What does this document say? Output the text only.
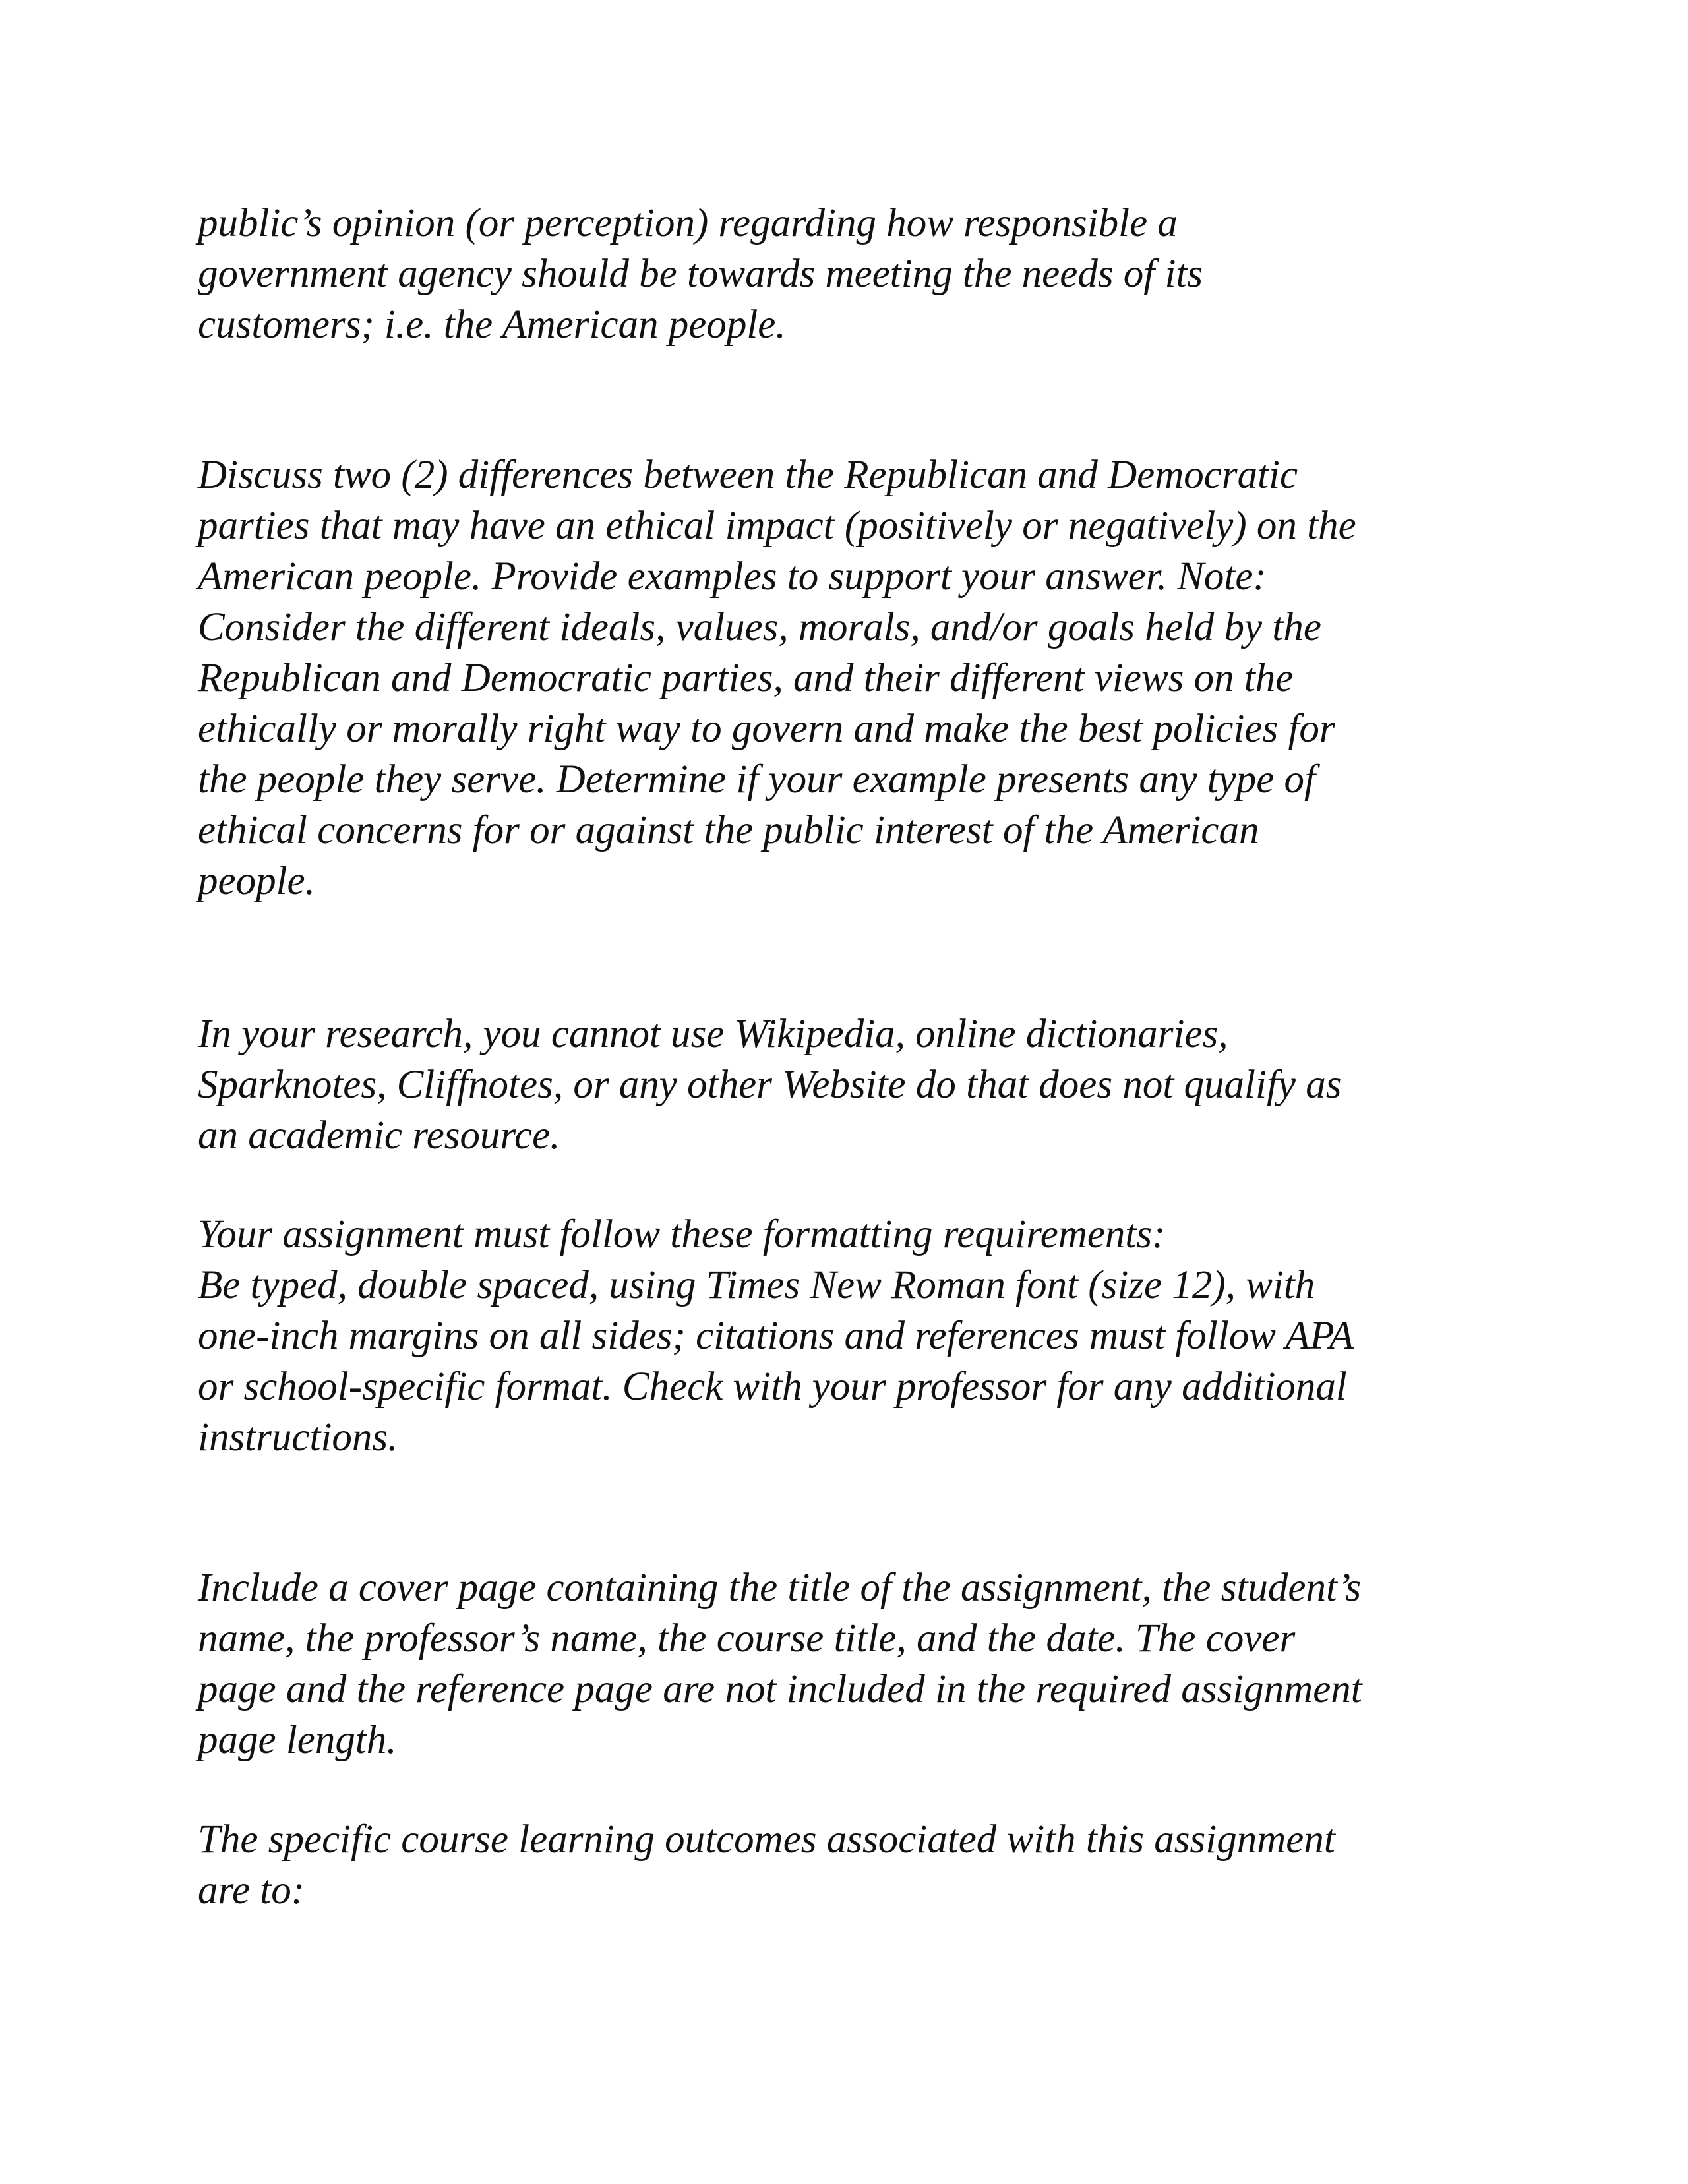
public’s opinion (or perception) regarding how responsible a
government agency should be towards meeting the needs of its
customers; i.e. the American people.

Discuss two (2) differences between the Republican and Democratic
parties that may have an ethical impact (positively or negatively) on the
American people. Provide examples to support your answer. Note:
Consider the different ideals, values, morals, and/or goals held by the
Republican and Democratic parties, and their different views on the
ethically or morally right way to govern and make the best policies for
the people they serve. Determine if your example presents any type of
ethical concerns for or against the public interest of the American
people.

In your research, you cannot use Wikipedia, online dictionaries,
Sparknotes, Cliffnotes, or any other Website do that does not qualify as
an academic resource.

Your assignment must follow these formatting requirements:
Be typed, double spaced, using Times New Roman font (size 12), with
one-inch margins on all sides; citations and references must follow APA
or school-specific format. Check with your professor for any additional
instructions.

Include a cover page containing the title of the assignment, the student’s
name, the professor’s name, the course title, and the date. The cover
page and the reference page are not included in the required assignment
page length.

The specific course learning outcomes associated with this assignment
are to:
